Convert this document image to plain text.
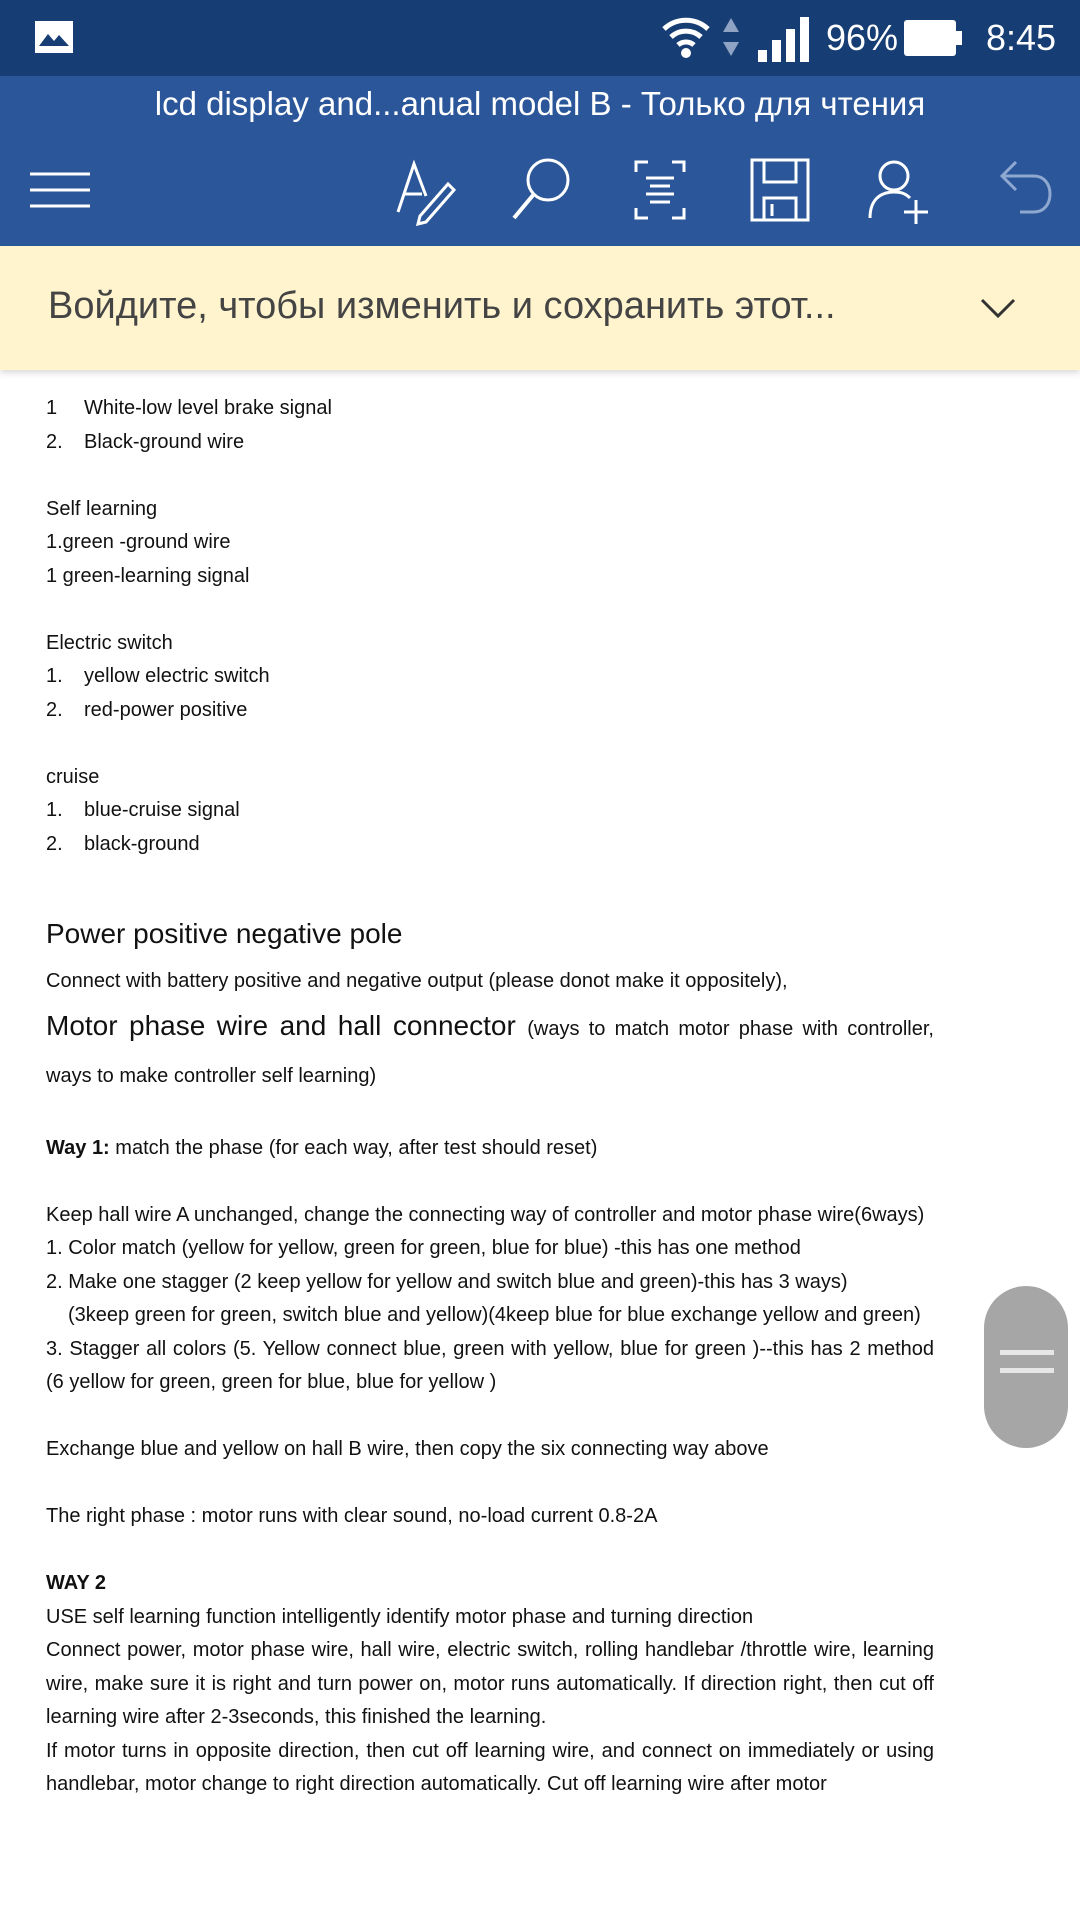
96% 8:45
lcd display and...anual model B - Только для чтения
Войдите, чтобы изменить и сохранить этот...

1	White-low level brake signal

2.	Black-ground wire

Self learning

1.green -ground wire

1 green-learning signal

Electric switch

1.	yellow electric switch

2.	red-power positive

cruise

1.	blue-cruise signal

2.	black-ground

Power positive negative pole

Connect with battery positive and negative output (please donot make it oppositely),

Motor phase wire and hall connector (ways to match motor phase with controller, ways to make controller self learning)

Way 1: match the phase (for each way, after test should reset)

Keep hall wire A unchanged, change the connecting way of controller and motor phase wire(6ways)

1. Color match (yellow for yellow, green for green, blue for blue) -this has one method

2. Make one stagger (2 keep yellow for yellow and switch blue and green)-this has 3 ways)

(3keep green for green, switch blue and yellow)(4keep blue for blue exchange yellow and green)

3. Stagger all colors (5. Yellow connect blue, green with yellow, blue for green )--this has 2 method (6 yellow for green, green for blue, blue for yellow )

Exchange blue and yellow on hall B wire, then copy the six connecting way above

The right phase : motor runs with clear sound, no-load current 0.8-2A

WAY 2

USE self learning function intelligently identify motor phase and turning direction

Connect power, motor phase wire, hall wire, electric switch, rolling handlebar /throttle wire, learning wire, make sure it is right and turn power on, motor runs automatically. If direction right, then cut off learning wire after 2-3seconds, this finished the learning.

If motor turns in opposite direction, then cut off learning wire, and connect on immediately or using handlebar, motor change to right direction automatically. Cut off learning wire after motor
